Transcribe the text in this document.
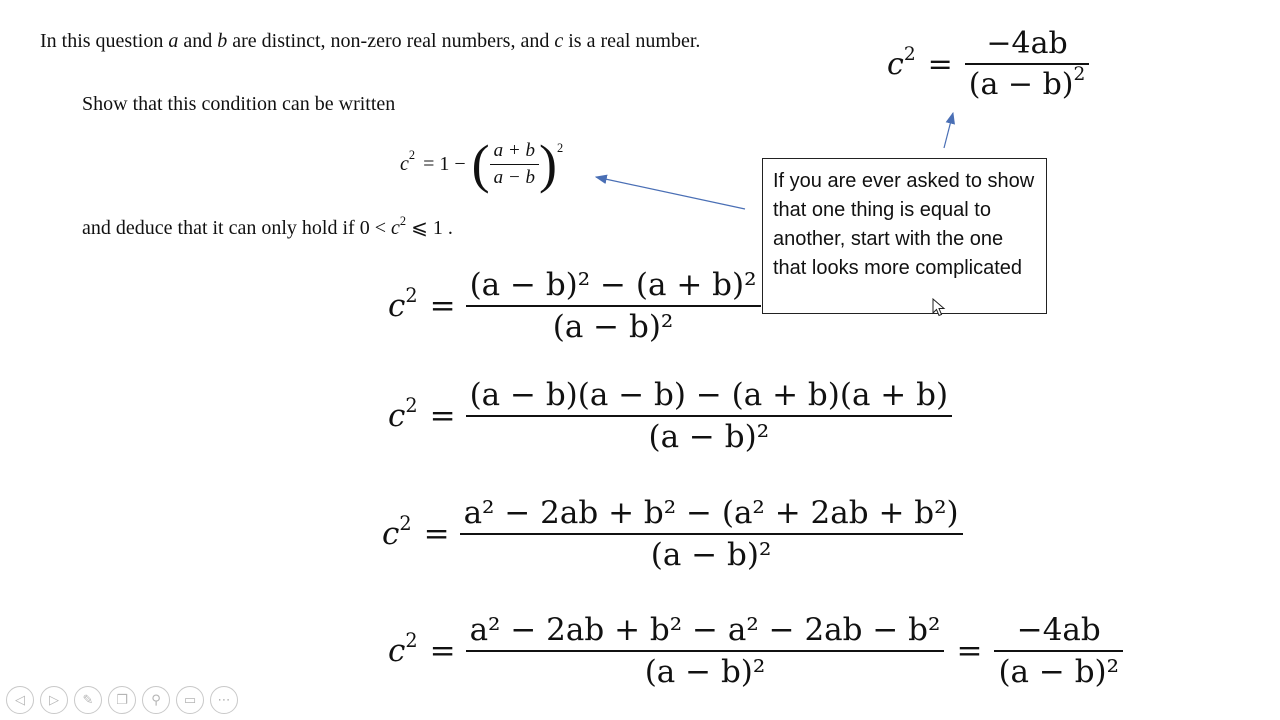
In this question a and b are distinct, non-zero real numbers, and c is a real number.
Show that this condition can be written
$c^2 = 1$ − ( $\frac{a + b}{a - b} )^2$
and deduce that it can only hold if $0 < c^2$ ⩽ 1 .
$c^2 = \frac{-4ab}{(a - b)^2}$
If you are ever asked to show that one thing is equal to another, start with the one that looks more complicated
$c^2 = \frac{\text{(a − b)² − (a + b)²}}{\text{(a − b)²}}$
$c^2 = \frac{(a - b)(a - b) - (a + b)(a + b)}{\text{(a − b)²}}$
$c^2 = \frac{\text{a² − 2ab + b² − (a² + 2ab + b²)}}{\text{(a − b)²}}$
$c^2 = \frac{\text{a² − 2ab + b² − a² − 2ab − b²}}{\text{(a − b)²}} = \frac{-4ab}{\text{(a − b)²}}$
◁	▷	✎	❐	⚲	▭	⋯
